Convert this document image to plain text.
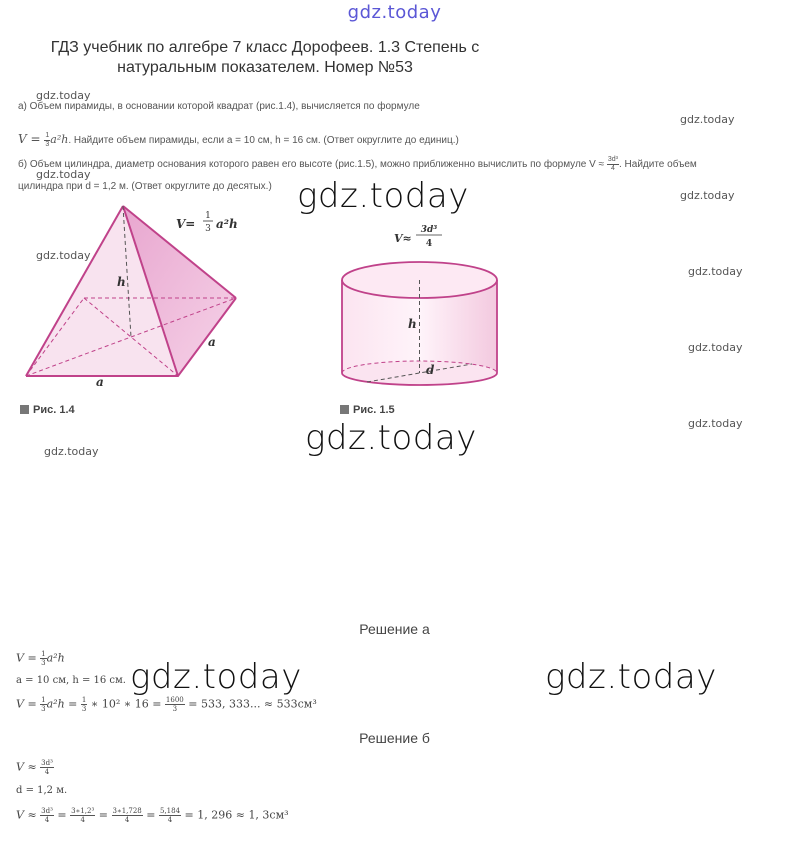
gdz.today
ГДЗ учебник по алгебре 7 класс Дорофеев. 1.3 Степень с натуральным показателем. Номер №53
gdz.today
gdz.today
gdz.today
gdz.today
gdz.today
gdz.today
gdz.today
gdz.today
gdz.today
а) Объем пирамиды, в основании которой квадрат (рис.1.4), вычисляется по формуле
$V = \frac{1}{3} a^2h$. Найдите объем пирамиды, если a = 10 см, h = 16 см. (Ответ округлите до единиц.)
б) Объем цилиндра, диаметр основания которого равен его высоте (рис.1.5), можно приближенно вычислить по формуле $V \approx \frac{\text{3d³}}{4}$ . Найдите объем
цилиндра при d = 1,2 м. (Ответ округлите до десятых.)
V=
1
3 a²h
h
a
a
Рис. 1.4
V≈
3d³
4
h
d
Рис. 1.5
gdz.today
gdz.today
gdz.today	gdz.today
Решение а
$V = \frac{1}{3} a^2h$
a = 10 см, h = 16 см.
$V = \frac{1}{3} a^2h = \frac{1}{3}$ ∗ 10² ∗ $16 = \frac{1600}{3} = 533$, 333... ≈ 533см³
Решение б
$V \approx \frac{\text{3d³}}{4}$
d = 1,2 м.
$V \approx \frac{\text{3d³}}{4} = \frac{\text{3∗1,2³}}{4} = \frac{3∗1,728}{4} = \frac{5,184}{4} = 1$, 296 ≈ 1, 3см³
